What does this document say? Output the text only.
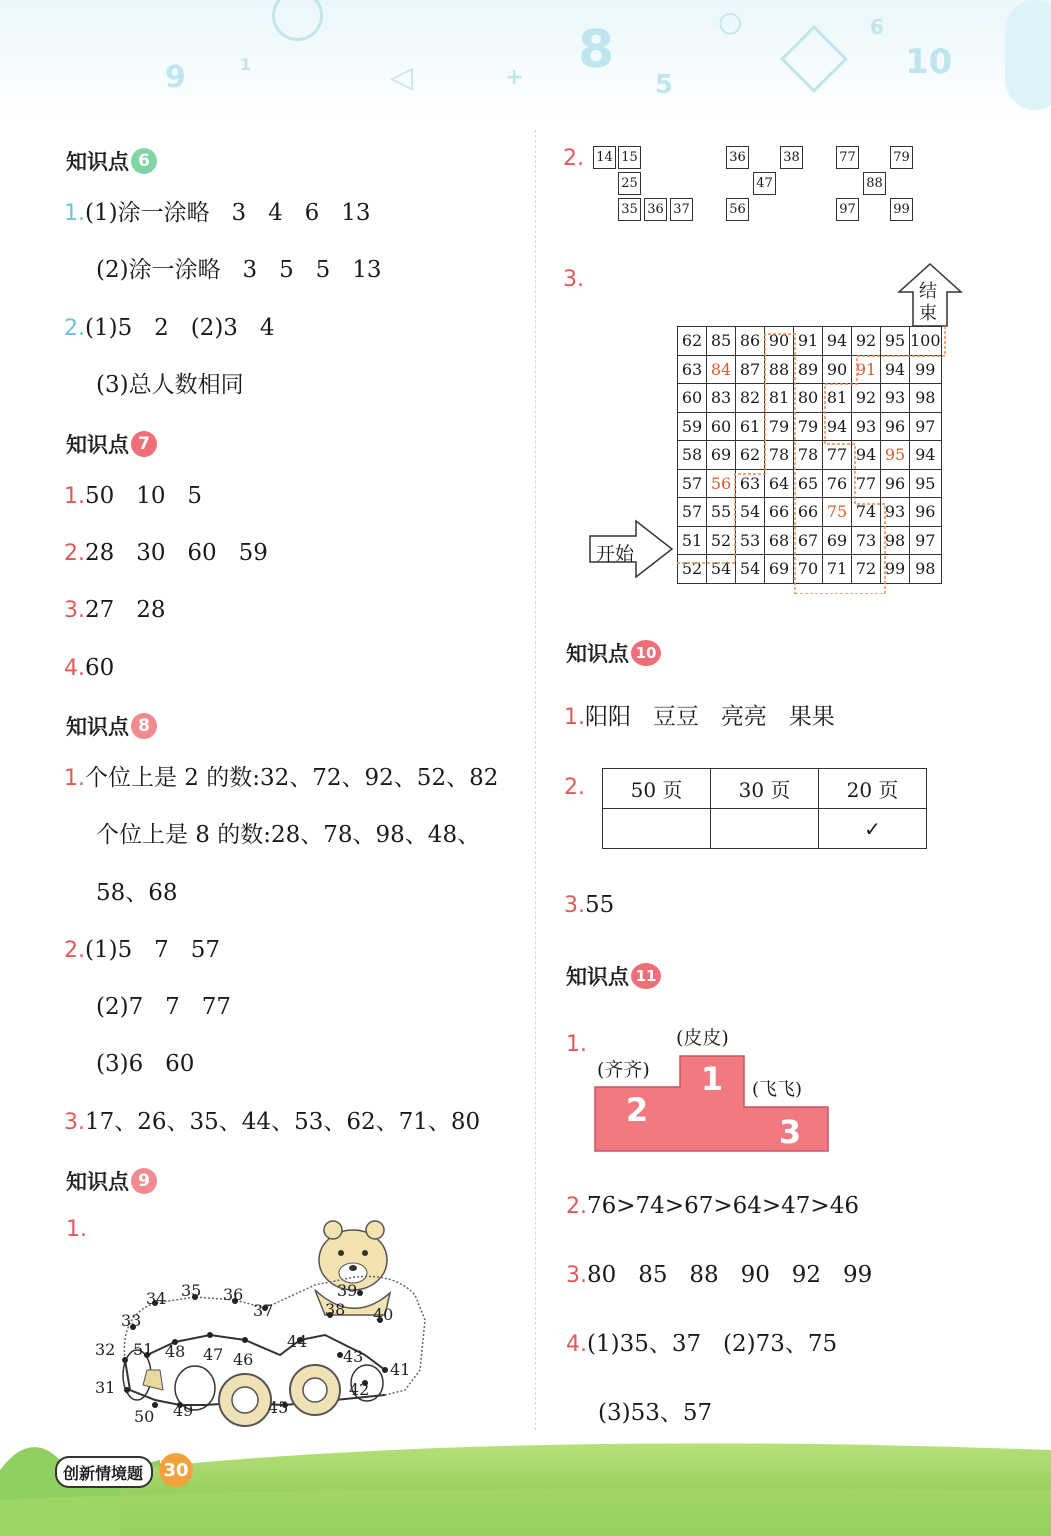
9	1	◁	+ 8
5
○	6
10
知识点 6
1.(1)涂一涂略   3   4   6   13
(2)涂一涂略   3   5   5   13
2.(1)5   2   (2)3   4
(3)总人数相同
知识点 7
1.50   10   5
2.28   30   60   59
3.27   28
4.60
知识点 8
1.个位上是 2 的数:32、72、92、52、82
个位上是 8 的数:28、78、98、48、
58、68
2.(1)5   7   57
(2)7   7   77
(3)6   60
3.17、26、35、44、53、62、71、80
知识点 9
1.
34 35 36
37	38
39
40
33
32
31
50 49
51 48 47 46
44
43
42
41
45
2. 14 15
25
35 36 37
36	38
47
56
77	79
88
97	99
3.	结
束
开始
62	85	86	90	91	94	92	95	100
63	84	87	88	89	90	91	94	99
60	83	82	81	80	81	92	93	98
59	60	61	79	79	94	93	96	97
58	69	62	78	78	77	94	95	94
57	56	63	64	65	76	77	96	95
57	55	54	66	66	75	74	93	96
51	52	53	68	67	69	73	98	97
52	54	54	69	70	71	72	99	98
知识点 10
1.阳阳   豆豆   亮亮   果果
2. 50 页	30 页	20 页
		✓
3.55
知识点 11
1.
1
2
3
(皮皮)
(齐齐)
(飞飞)
2.76>74>67>64>47>46
3.80   85   88   90   92   99
4.(1)35、37   (2)73、75
(3)53、57
创新情境题 30
